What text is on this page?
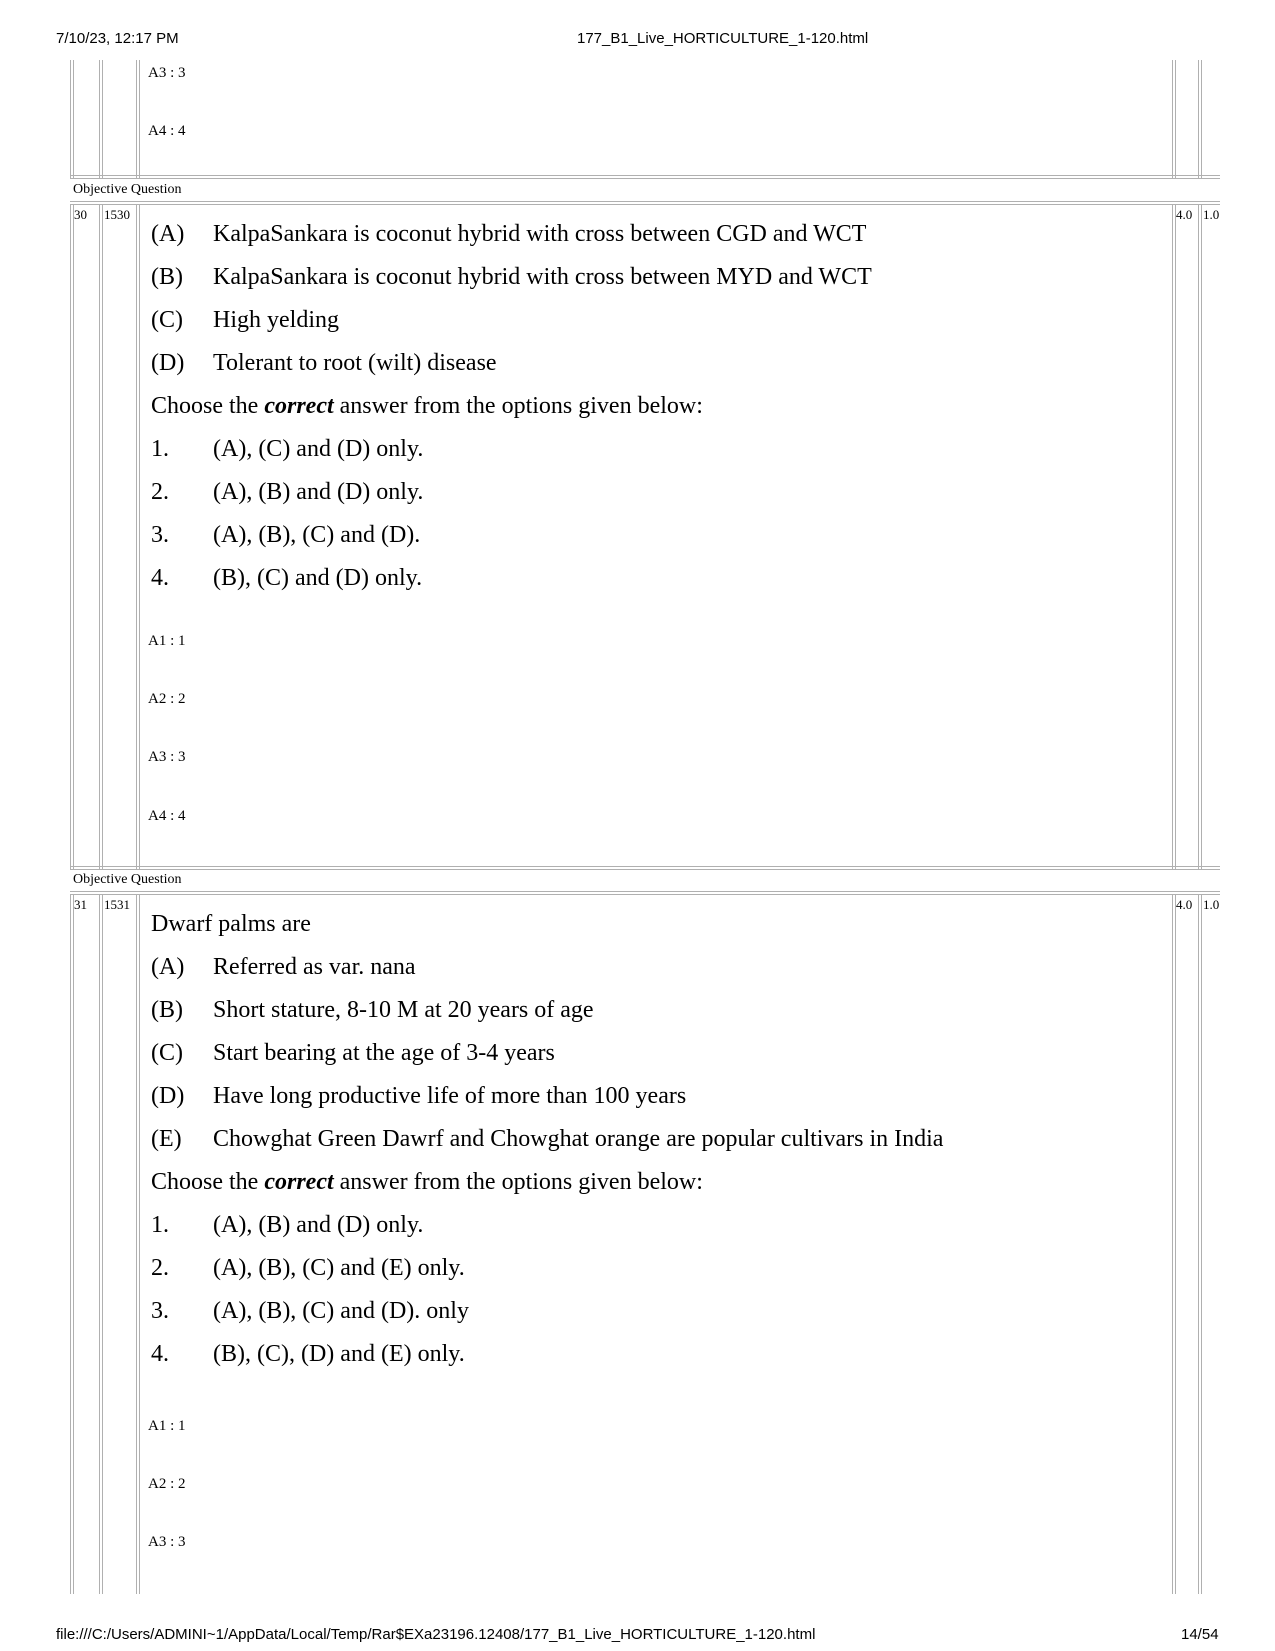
7/10/23, 12:17 PM	177_B1_Live_HORTICULTURE_1-120.html
file:///C:/Users/ADMINI~1/AppData/Local/Temp/Rar$EXa23196.12408/177_B1_Live_HORTICULTURE_1-120.html	14/54
A3 : 3
A4 : 4
Objective Question
30 1530	4.0 1.0
(A) KalpaSankara is coconut hybrid with cross between CGD and WCT
(B) KalpaSankara is coconut hybrid with cross between MYD and WCT
(C) High yelding
(D) Tolerant to root (wilt) disease
Choose the correct answer from the options given below:
1. (A), (C) and (D) only.
2. (A), (B) and (D) only.
3. (A), (B), (C) and (D).
4. (B), (C) and (D) only.
A1 : 1
A2 : 2
A3 : 3
A4 : 4
Objective Question
31 1531	4.0 1.0
Dwarf palms are
(A) Referred as var. nana
(B) Short stature, 8-10 M at 20 years of age
(C) Start bearing at the age of 3-4 years
(D) Have long productive life of more than 100 years
(E) Chowghat Green Dawrf and Chowghat orange are popular cultivars in India
Choose the correct answer from the options given below:
1. (A), (B) and (D) only.
2. (A), (B), (C) and (E) only.
3. (A), (B), (C) and (D). only
4. (B), (C), (D) and (E) only.
A1 : 1
A2 : 2
A3 : 3
